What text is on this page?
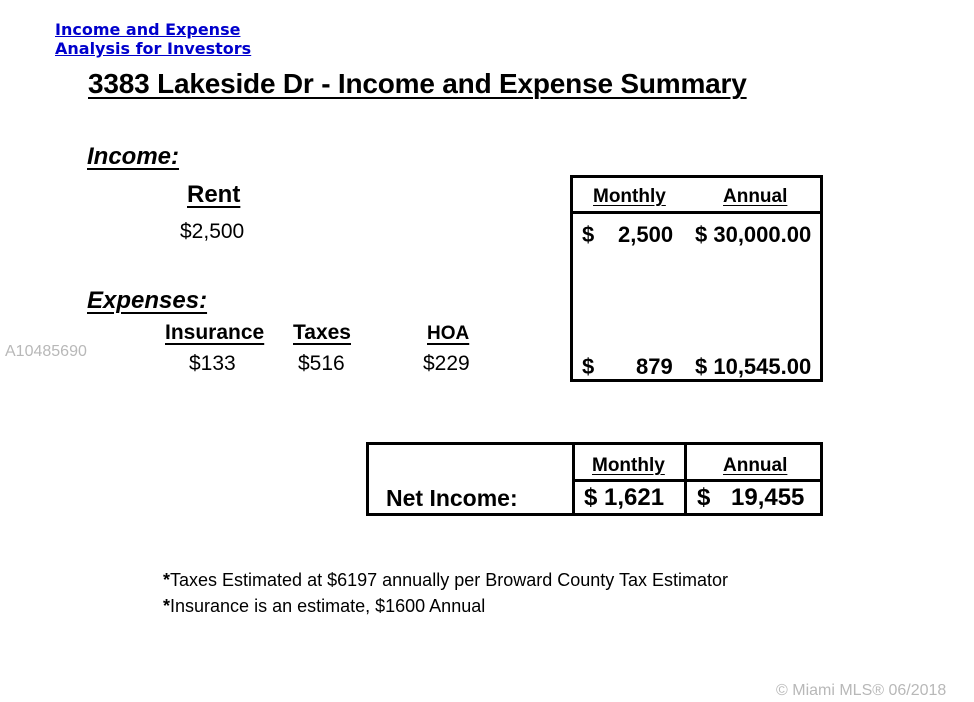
Income and Expense
Analysis for Investors
3383 Lakeside Dr - Income and Expense Summary
Income:
Rent
$2,500
Expenses:
Insurance
$133
Taxes
$516
HOA
$229
A10485690
Monthly	Annual
$ 2,500 $ 30,000.00
$ 879 $ 10,545.00
Net Income:
Monthly	Annual
$ 1,621 $ 19,455
*Taxes Estimated at $6197 annually per Broward County Tax Estimator
*Insurance is an estimate, $1600 Annual
© Miami MLS® 06/2018
